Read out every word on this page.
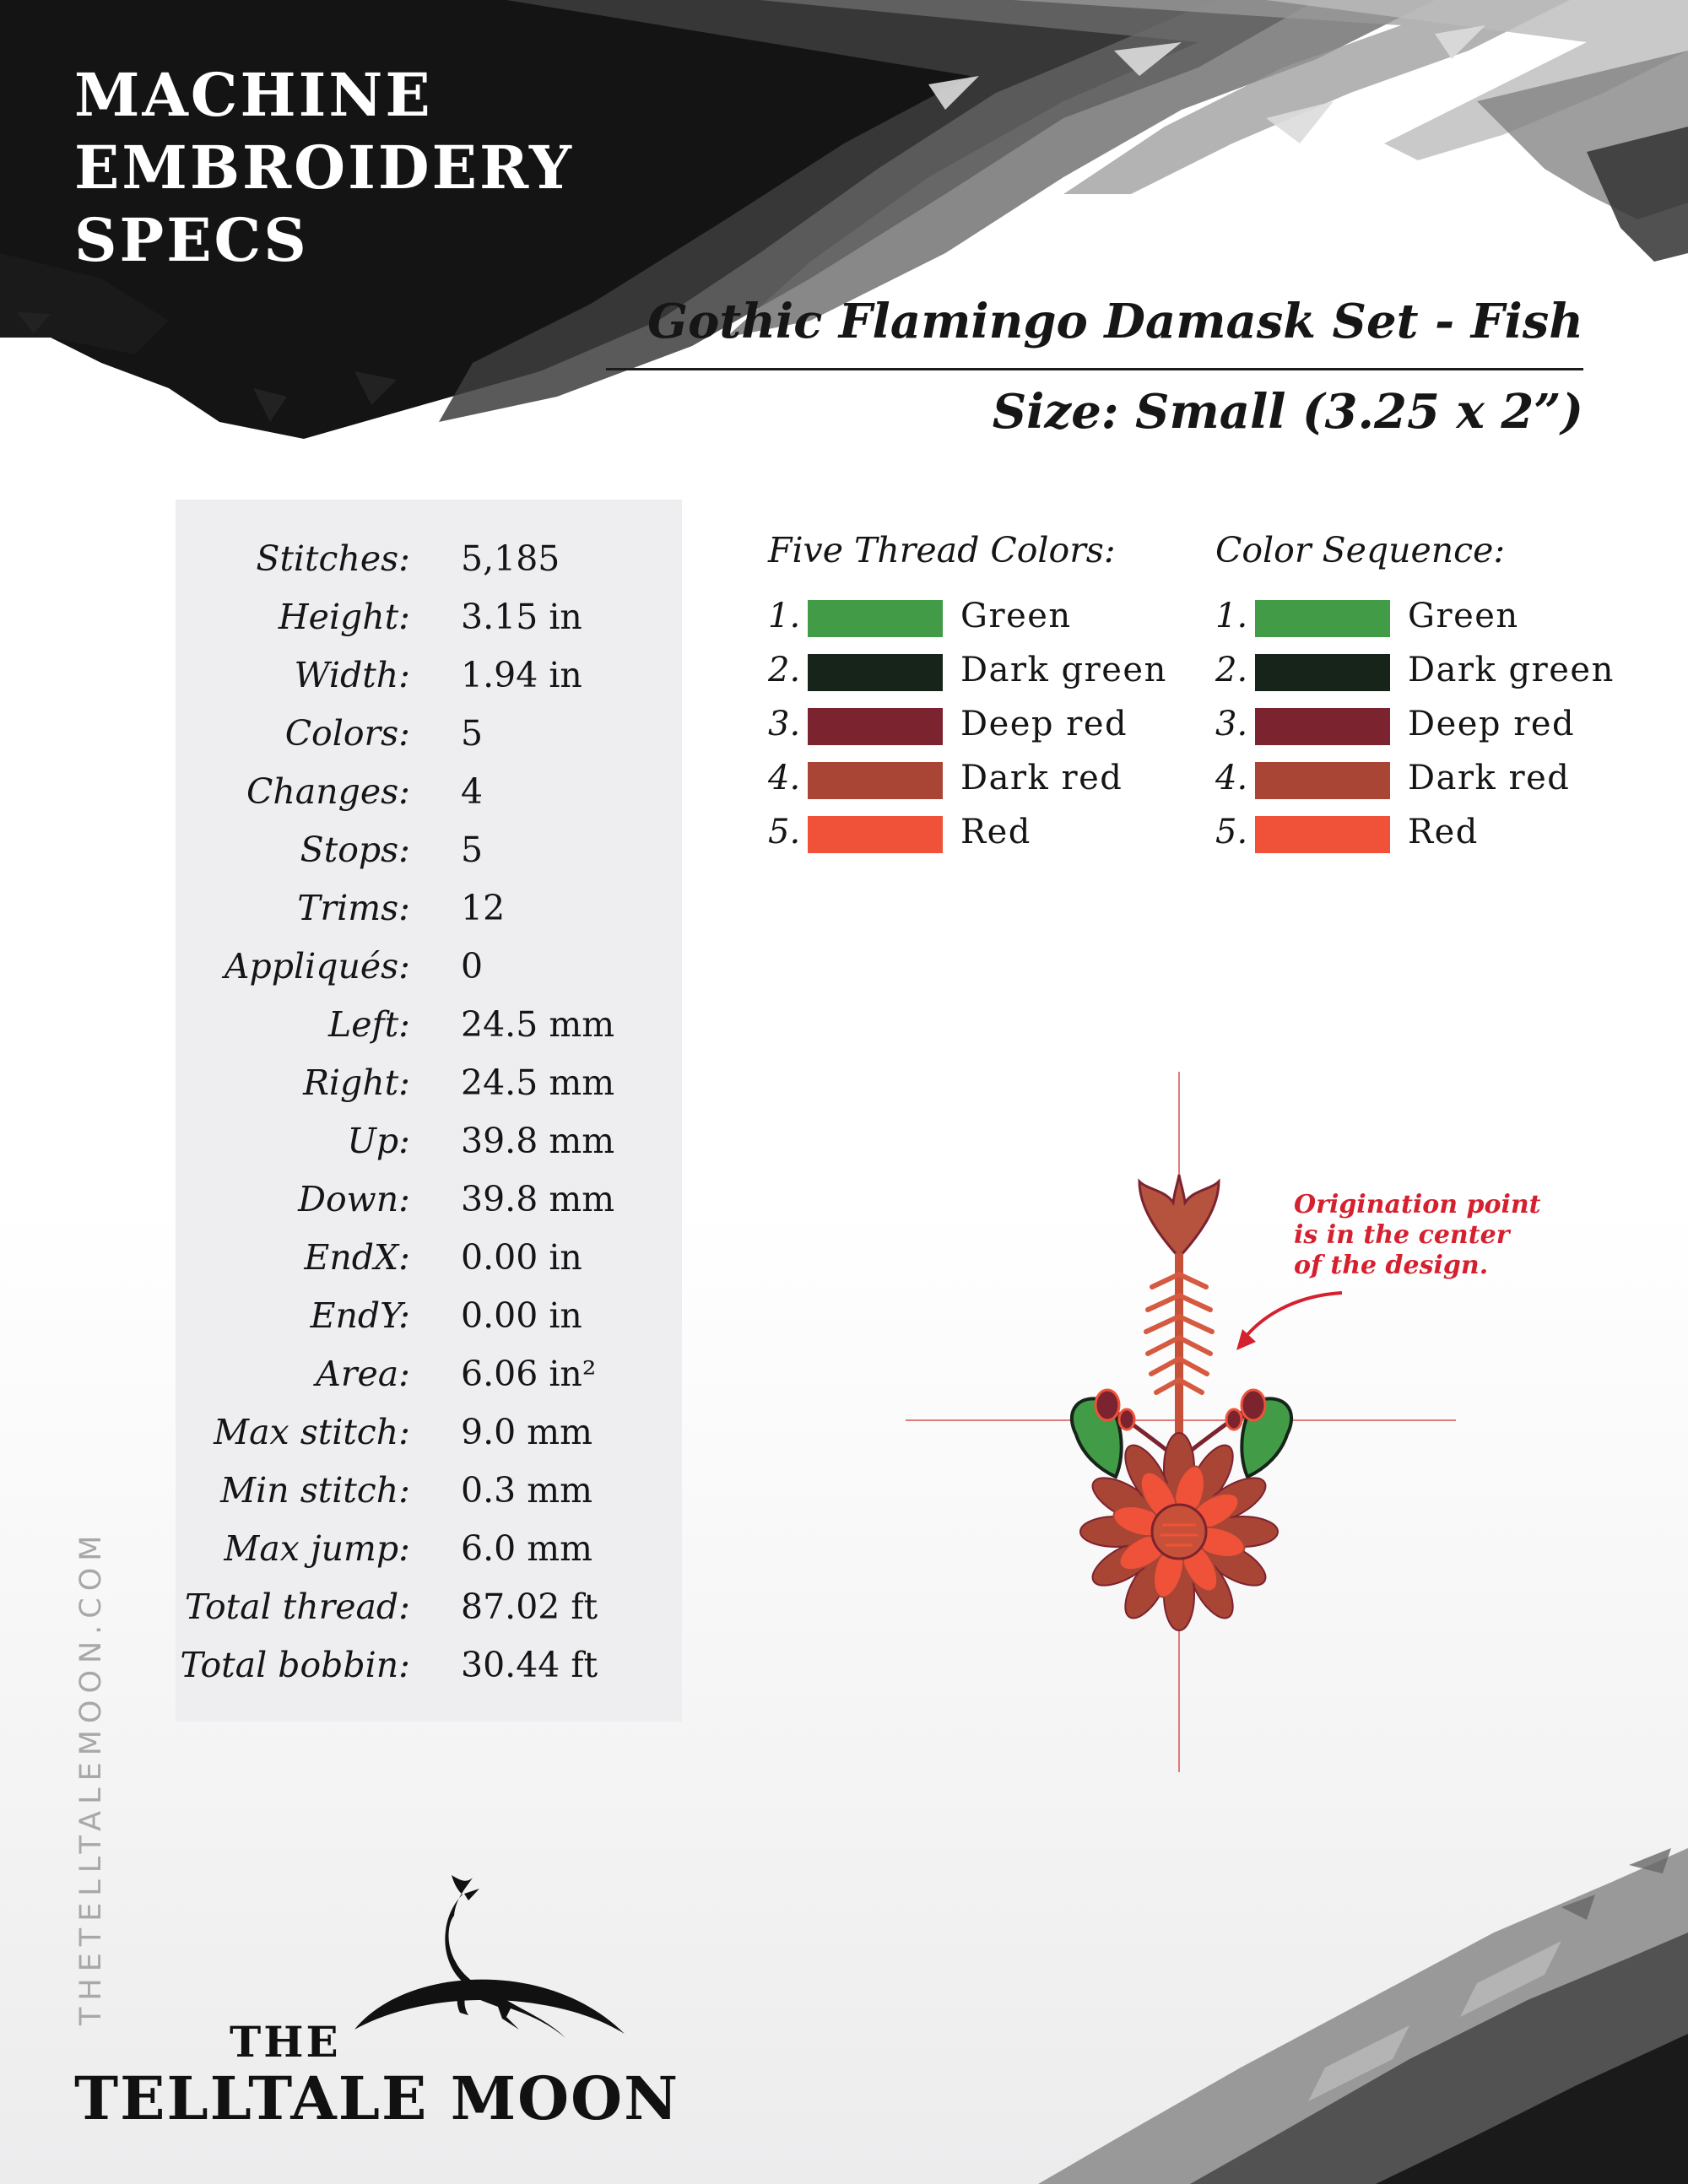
MACHINE
EMBROIDERY
SPECS
Gothic Flamingo Damask Set - Fish
Size: Small (3.25 x 2”)
Stitches: 5,185
Height: 3.15 in
Width: 1.94 in
Colors: 5
Changes: 4
Stops: 5
Trims: 12
Appliqués: 0
Left: 24.5 mm
Right: 24.5 mm
Up: 39.8 mm
Down: 39.8 mm
EndX: 0.00 in
EndY: 0.00 in
Area: 6.06 in²
Max stitch: 9.0 mm
Min stitch: 0.3 mm
Max jump: 6.0 mm
Total thread: 87.02 ft
Total bobbin: 30.44 ft
Five Thread Colors:
1.	Green
2.	Dark green
3.	Deep red
4.	Dark red
5.	Red
Color Sequence:
1.	Green
2.	Dark green
3.	Deep red
4.	Dark red
5.	Red
Origination point
is in the center
of the design.
THETELLTALEMOON.COM
THE
TELLTALE MOON
